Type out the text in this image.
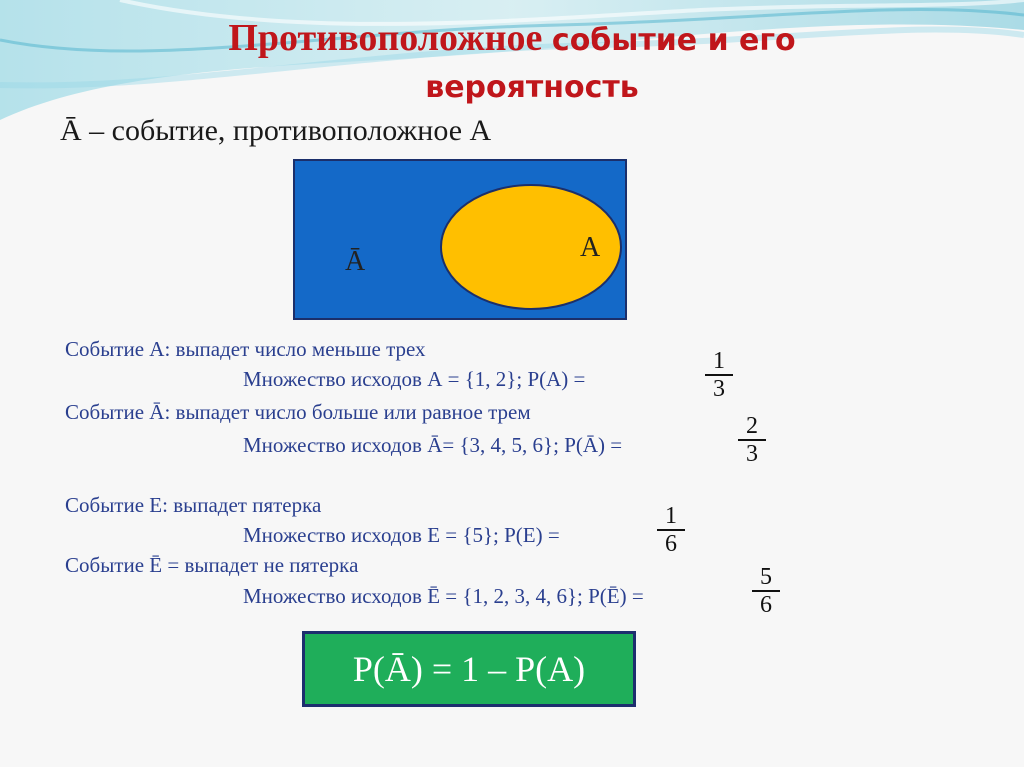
Противоположное событие и его
вероятность
Ā – событие, противоположное А
Ā	A
Событие А: выпадет число меньше трех
Множество исходов А = {1, 2}; P(A) =
1
3
Событие Ā: выпадет число больше или равное трем
Множество исходов Ā= {3, 4, 5, 6}; P(Ā) =
2
3
Событие Е: выпадет пятерка
Множество исходов Е = {5}; P(E) =
1
6
Событие Ē = выпадет не пятерка
Множество исходов Ē = {1, 2, 3, 4, 6}; P(Ē) =
5
6
P(Ā) = 1 – P(A)
